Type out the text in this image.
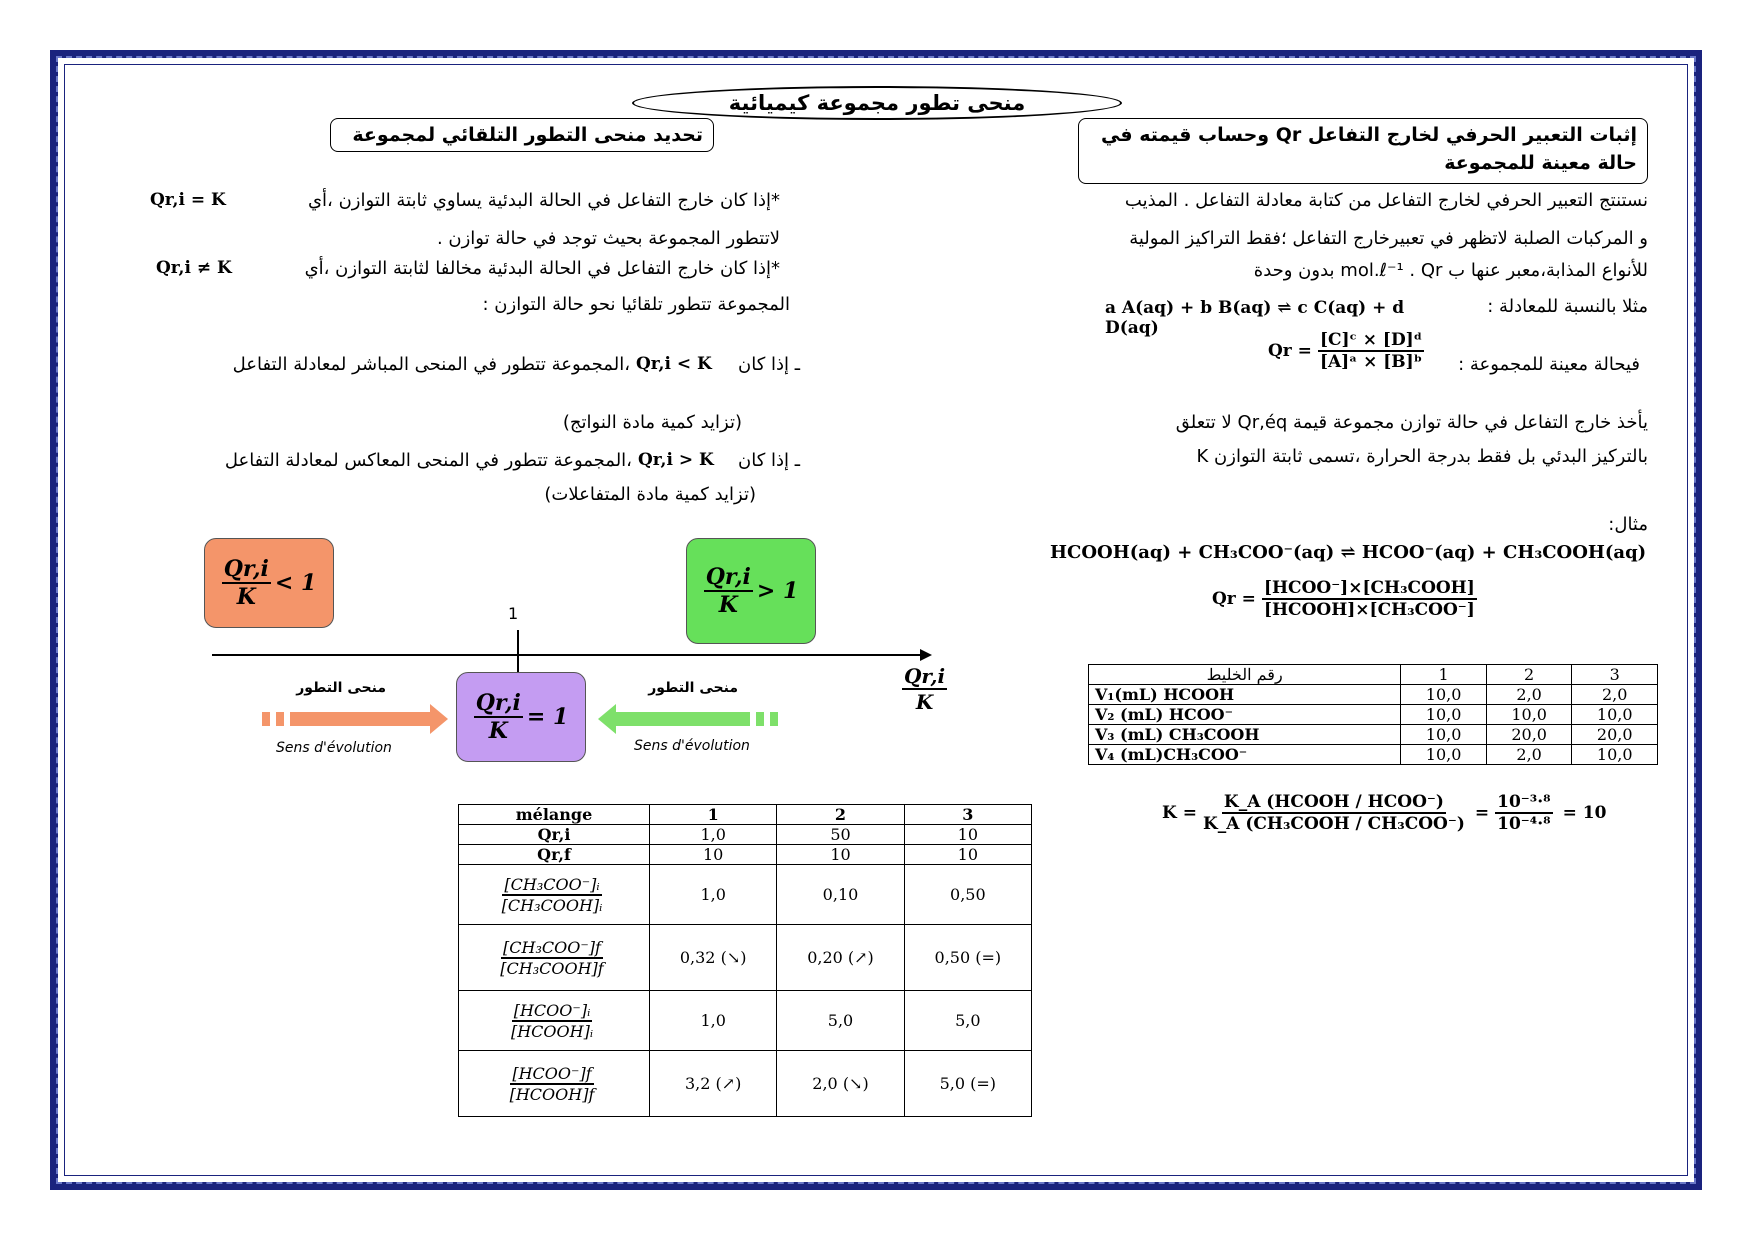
منحى تطور مجموعة كيميائية
إثبات التعبير الحرفي لخارج التفاعل Qr وحساب قيمته في حالة معينة للمجموعة
تحديد منحى التطور التلقائي لمجموعة
نستنتج التعبير الحرفي لخارج التفاعل من كتابة معادلة التفاعل . المذيب
و المركبات الصلبة لاتظهر في تعبيرخارج التفاعل ؛فقط التراكيز المولية
للأنواع المذابة،معبر عنها ب mol.ℓ⁻¹ . Qr بدون وحدة
مثلا بالنسبة للمعادلة :
a A(aq) + b B(aq) ⇌ c C(aq) + d D(aq)
فيحالة معينة للمجموعة :
$Qr = \frac{\text{[C]ᶜ × [D]ᵈ}}{\text{[A]ᵃ × [B]ᵇ}}$
يأخذ خارج التفاعل في حالة توازن مجموعة قيمة Qr,éq لا تتعلق
بالتركيز البدئي بل فقط بدرجة الحرارة ،تسمى ثابتة التوازن K
مثال:
HCOOH(aq) + CH₃COO⁻(aq) ⇌ HCOO⁻(aq) + CH₃COOH(aq)
$Qr = \frac{\text{[HCOO⁻]×[CH₃COOH]}}{\text{[HCOOH]×[CH₃COO⁻]}}$
رقم الخليط	1	2	3
V₁(mL) HCOOH	10,0	2,0	2,0
V₂ (mL) HCOO⁻	10,0	10,0	10,0
V₃ (mL) CH₃COOH	10,0	20,0	20,0
V₄ (mL)CH₃COO⁻	10,0	2,0	10,0
$K = \frac{\text{K\_A (HCOOH / HCOO⁻)}}{\text{K\_A (CH₃COOH / CH₃COO⁻)}} = \frac{\text{10⁻³·⁸}}{\text{10⁻⁴·⁸}} = 10$
*إذا كان خارج التفاعل في الحالة البدئية يساوي ثابتة التوازن ،أي
Qr,i = K
لاتتطور المجموعة بحيث توجد في حالة توازن .
*إذا كان خارج التفاعل في الحالة البدئية مخالفا لثابتة التوازن ،أي
Qr,i ≠ K
المجموعة تتطور تلقائيا نحو حالة التوازن :
ـ إذا كان
Qr,i < K
،المجموعة تتطور في المنحى المباشر لمعادلة التفاعل
(تزايد كمية مادة النواتج)
ـ إذا كان
Qr,i > K
،المجموعة تتطور في المنحى المعاكس لمعادلة التفاعل
(تزايد كمية مادة المتفاعلات)
$\frac{Qr,i}{K} < 1$	$\frac{Qr,i}{K} > 1$
$\frac{Qr,i}{K} = 1$
1
$\frac{Qr,i}{K}$
منحى التطور
Sens d'évolution
منحى التطور
Sens d'évolution
mélange	1	2	3
Qr,i	1,0	50	10
Qr,f	10	10	10

$\frac{\text{[CH₃COO⁻]ᵢ}}{\text{[CH₃COOH]ᵢ}}$	1,0	0,10	0,50

$\frac{\text{[CH₃COO⁻]f}}{\text{[CH₃COOH]f}}$	0,32 (↘)	0,20 (↗)	0,50 (=)

$\frac{\text{[HCOO⁻]ᵢ}}{\text{[HCOOH]ᵢ}}$	1,0	5,0	5,0

$\frac{\text{[HCOO⁻]f}}{\text{[HCOOH]f}}$	3,2 (↗)	2,0 (↘)	5,0 (=)
